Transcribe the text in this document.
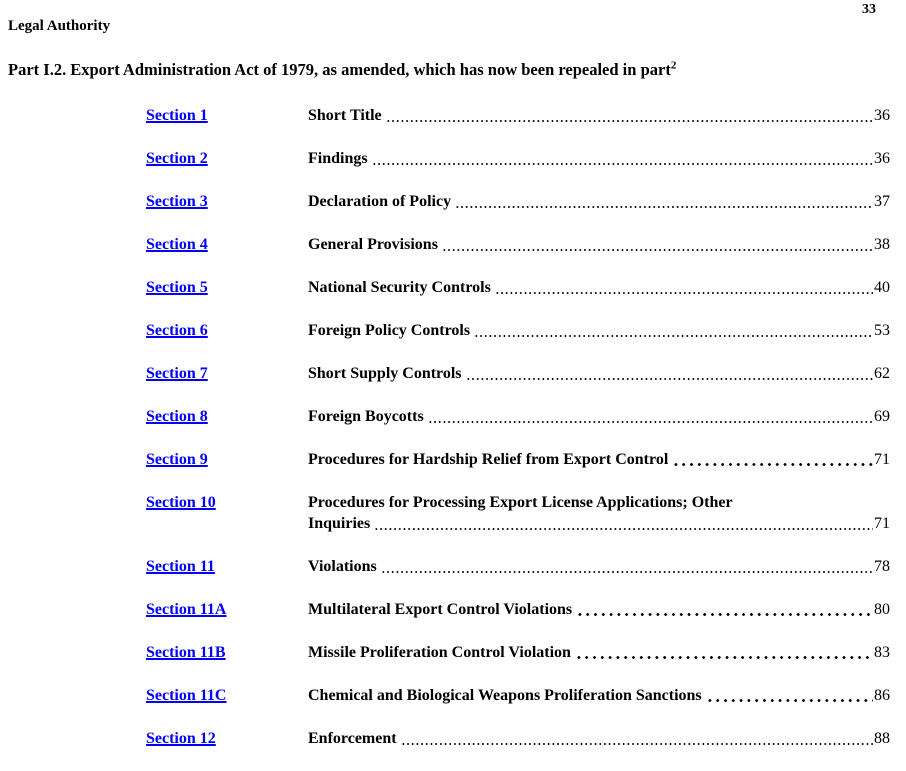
33
Legal Authority
Part I.2. Export Administration Act of 1979, as amended, which has now been repealed in part$^2$
Section 1	Short Title	36
Section 2	Findings	36
Section 3	Declaration of Policy	37
Section 4	General Provisions	38
Section 5	National Security Controls	40
Section 6	Foreign Policy Controls	53
Section 7	Short Supply Controls	62
Section 8	Foreign Boycotts	69
Section 9	Procedures for Hardship Relief from Export Control	71
Section 10	Procedures for Processing Export License Applications; Other
Inquiries	71
Section 11	Violations	78
Section 11A	Multilateral Export Control Violations	80
Section 11B	Missile Proliferation Control Violation	83
Section 11C	Chemical and Biological Weapons Proliferation Sanctions	86
Section 12	Enforcement	88
